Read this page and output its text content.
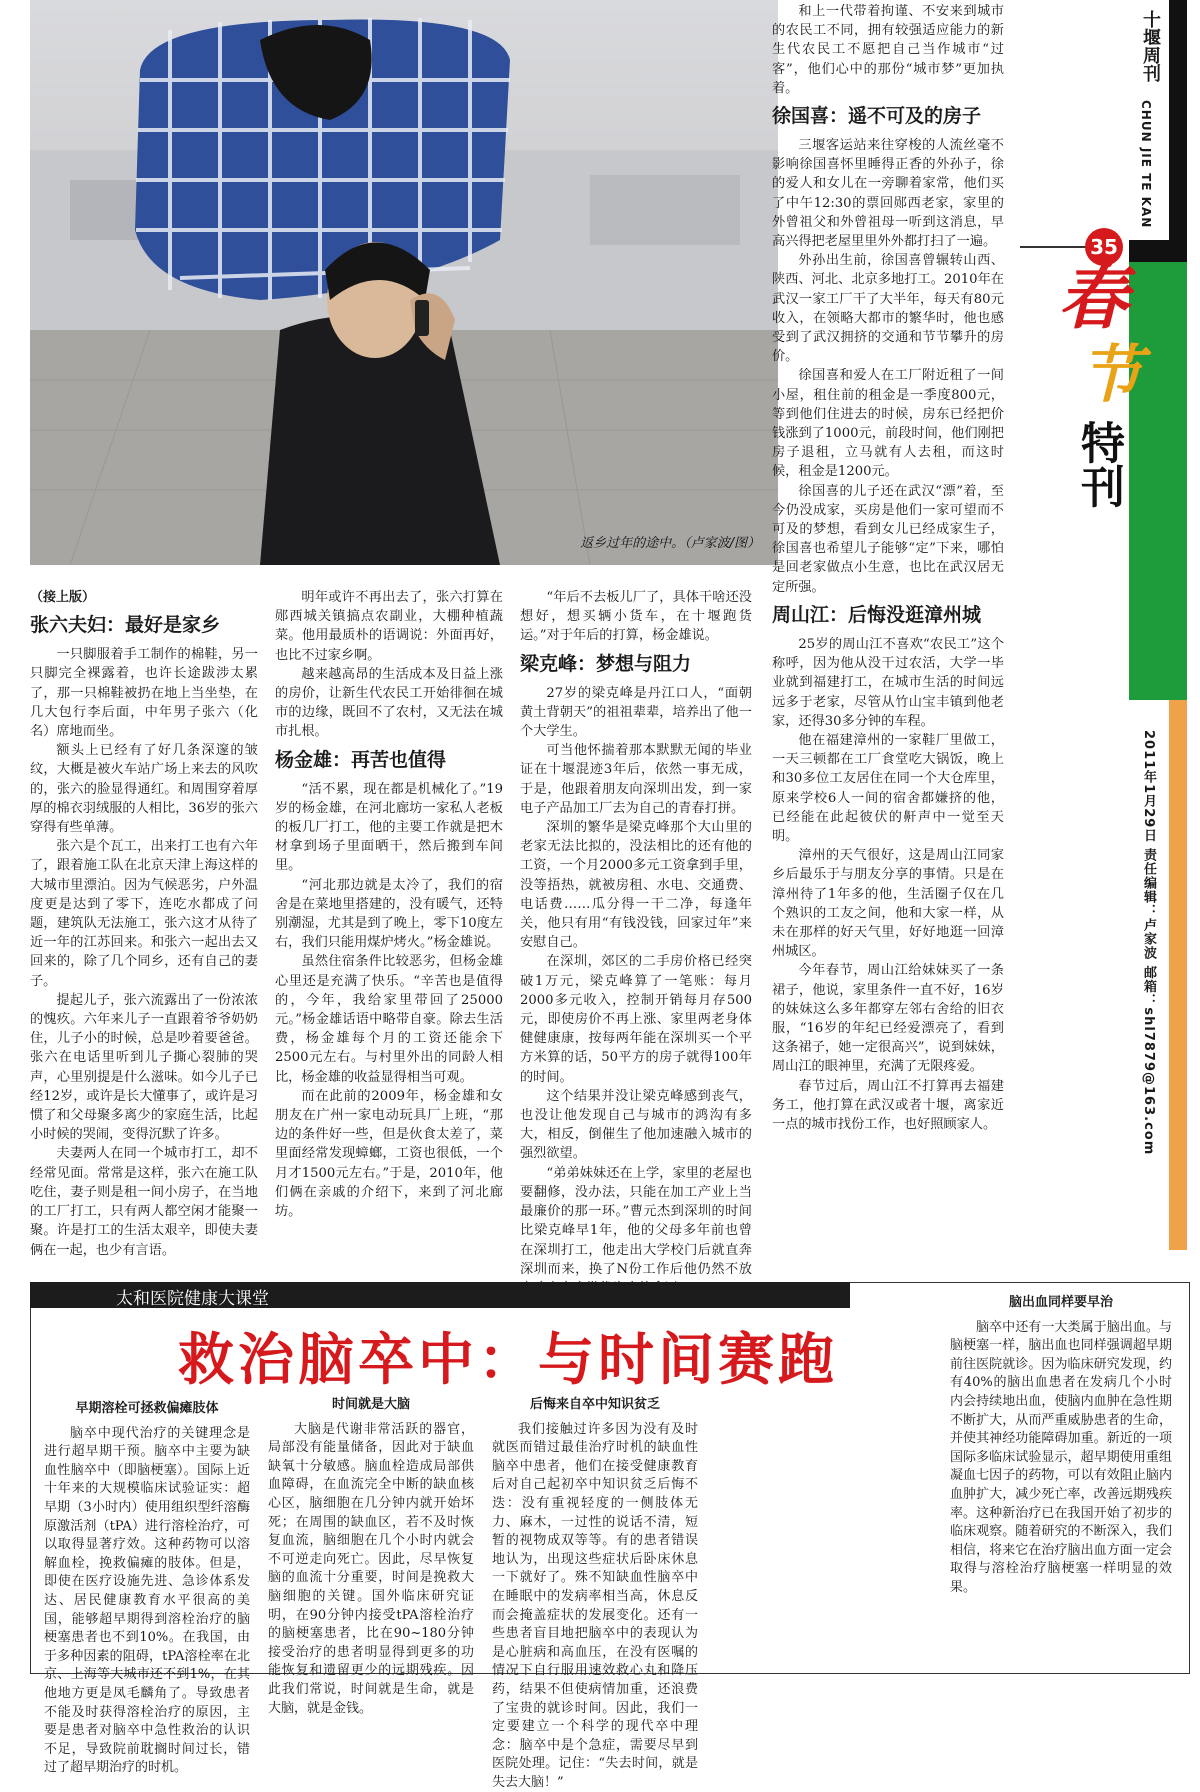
返乡过年的途中。（卢家波/图）
十堰周刊
CHUN JIE TE KAN
2011年1月29日 责任编辑：卢家波 邮箱：shl7879@163.com
35
春
节
特刊
（接上版）
张六夫妇：最好是家乡

一只脚服着手工制作的棉鞋，另一只脚完全裸露着，也许长途跋涉太累了，那一只棉鞋被扔在地上当坐垫，在几大包行李后面，中年男子张六（化名）席地而坐。

额头上已经有了好几条深邃的皱纹，大概是被火车站广场上来去的风吹的，张六的脸显得通红。和周围穿着厚厚的棉衣羽绒服的人相比，36岁的张六穿得有些单薄。

张六是个瓦工，出来打工也有六年了，跟着施工队在北京天津上海这样的大城市里漂泊。因为气候恶劣，户外温度更是达到了零下，连吃水都成了问题，建筑队无法施工，张六这才从待了近一年的江苏回来。和张六一起出去又回来的，除了几个同乡，还有自己的妻子。

提起儿子，张六流露出了一份浓浓的愧疚。六年来儿子一直跟着爷爷奶奶住，儿子小的时候，总是吵着要爸爸。张六在电话里听到儿子撕心裂肺的哭声，心里别提是什么滋味。如今儿子已经12岁，或许是长大懂事了，或许是习惯了和父母聚多离少的家庭生活，比起小时候的哭闹，变得沉默了许多。

夫妻两人在同一个城市打工，却不经常见面。常常是这样，张六在施工队吃住，妻子则是租一间小房子，在当地的工厂打工，只有两人都空闲才能聚一聚。许是打工的生活太艰辛，即使夫妻俩在一起，也少有言语。

明年或许不再出去了，张六打算在郧西城关镇搞点农副业，大棚种植蔬菜。他用最质朴的语调说：外面再好，也比不过家乡啊。

越来越高昂的生活成本及日益上涨的房价，让新生代农民工开始徘徊在城市的边缘，既回不了农村，又无法在城市扎根。

杨金雄：再苦也值得

“活不累，现在都是机械化了。”19岁的杨金雄，在河北廊坊一家私人老板的板几厂打工，他的主要工作就是把木材拿到场子里面晒干，然后搬到车间里。

“河北那边就是太冷了，我们的宿舍是在菜地里搭建的，没有暖气，还特别潮湿，尤其是到了晚上，零下10度左右，我们只能用煤炉烤火。”杨金雄说。

虽然住宿条件比较恶劣，但杨金雄心里还是充满了快乐。“辛苦也是值得的，今年，我给家里带回了25000元。”杨金雄话语中略带自豪。除去生活费，杨金雄每个月的工资还能余下2500元左右。与村里外出的同龄人相比，杨金雄的收益显得相当可观。

而在此前的2009年，杨金雄和女朋友在广州一家电动玩具厂上班，“那边的条件好一些，但是伙食太差了，菜里面经常发现蟑螂，工资也很低，一个月才1500元左右。”于是，2010年，他们俩在亲戚的介绍下，来到了河北廊坊。

“年后不去板儿厂了，具体干啥还没想好，想买辆小货车，在十堰跑货运。”对于年后的打算，杨金雄说。

梁克峰：梦想与阻力

27岁的梁克峰是丹江口人，“面朝黄土背朝天”的祖祖辈辈，培养出了他一个大学生。

可当他怀揣着那本默默无闻的毕业证在十堰混迹3年后，依然一事无成，于是，他跟着朋友向深圳出发，到一家电子产品加工厂去为自己的青春打拼。

深圳的繁华是梁克峰那个大山里的老家无法比拟的，没法相比的还有他的工资，一个月2000多元工资拿到手里，没等捂热，就被房租、水电、交通费、电话费……瓜分得一干二净，每逢年关，他只有用“有钱没钱，回家过年”来安慰自己。

在深圳，郊区的二手房价格已经突破1万元，梁克峰算了一笔账：每月2000多元收入，控制开销每月存500元，即使房价不再上涨、家里两老身体健健康康，按每两年能在深圳买一个平方米算的话，50平方的房子就得100年的时间。

这个结果并没让梁克峰感到丧气，也没让他发现自己与城市的鸿沟有多大，相反，倒催生了他加速融入城市的强烈欲望。

“弟弟妹妹还在上学，家里的老屋也要翻修，没办法，只能在加工产业上当最廉价的那一环。”曹元杰到深圳的时间比梁克峰早1年，他的父母多年前也曾在深圳打工，他走出大学校门后就直奔深圳而来，换了N份工作后他仍然不放

和上一代带着拘谨、不安来到城市的农民工不同，拥有较强适应能力的新生代农民工不愿把自己当作城市“过客”，他们心中的那份“城市梦”更加执着。

徐国喜：遥不可及的房子

三堰客运站来往穿梭的人流丝毫不影响徐国喜怀里睡得正香的外孙子，徐的爱人和女儿在一旁聊着家常，他们买了中午12:30的票回郧西老家，家里的外曾祖父和外曾祖母一听到这消息，早高兴得把老屋里里外外都打扫了一遍。

外孙出生前，徐国喜曾辗转山西、陕西、河北、北京多地打工。2010年在武汉一家工厂干了大半年，每天有80元收入，在领略大都市的繁华时，他也感受到了武汉拥挤的交通和节节攀升的房价。

徐国喜和爱人在工厂附近租了一间小屋，租住前的租金是一季度800元，等到他们住进去的时候，房东已经把价钱涨到了1000元，前段时间，他们刚把房子退租，立马就有人去租，而这时候，租金是1200元。

徐国喜的儿子还在武汉“漂”着，至今仍没成家，买房是他们一家可望而不可及的梦想，看到女儿已经成家生子，徐国喜也希望儿子能够“定”下来，哪怕是回老家做点小生意，也比在武汉居无定所强。

周山江：后悔没逛漳州城

25岁的周山江不喜欢“农民工”这个称呼，因为他从没干过农活，大学一毕业就到福建打工，在城市生活的时间远远多于老家，尽管从竹山宝丰镇到他老家，还得30多分钟的车程。

他在福建漳州的一家鞋厂里做工，一天三顿都在工厂食堂吃大锅饭，晚上和30多位工友居住在同一个大仓库里，原来学校6人一间的宿舍都嫌挤的他，已经能在此起彼伏的鼾声中一觉至天明。

漳州的天气很好，这是周山江同家乡后最乐于与朋友分享的事情。只是在漳州待了1年多的他，生活圈子仅在几个熟识的工友之间，他和大家一样，从未在那样的好天气里，好好地逛一回漳州城区。

今年春节，周山江给妹妹买了一条裙子，他说，家里条件一直不好，16岁的妹妹这么多年都穿左邻右舍给的旧衣服，“16岁的年纪已经爱漂亮了，看到这条裙子，她一定很高兴”，说到妹妹，周山江的眼神里，充满了无限疼爱。

春节过后，周山江不打算再去福建务工，他打算在武汉或者十堰，离家近一点的城市找份工作，也好照顾家人。

太和医院健康大课堂
救治脑卒中：与时间赛跑
早期溶栓可拯救偏瘫肢体

脑卒中现代治疗的关键理念是进行超早期干预。脑卒中主要为缺血性脑卒中（即脑梗塞）。国际上近十年来的大规模临床试验证实：超早期（3小时内）使用组织型纤溶酶原激活剂（tPA）进行溶栓治疗，可以取得显著疗效。这种药物可以溶解血栓，挽救偏瘫的肢体。但是，即使在医疗设施先进、急诊体系发达、居民健康教育水平很高的美国，能够超早期得到溶栓治疗的脑梗塞患者也不到10%。在我国，由于多种因素的阻碍，tPA溶栓率在北京、上海等大城市还不到1%，在其他地方更是凤毛麟角了。导致患者不能及时获得溶栓治疗的原因，主要是患者对脑卒中急性救治的认识不足，导致院前耽搁时间过长，错过了超早期治疗的时机。

时间就是大脑

大脑是代谢非常活跃的器官，局部没有能量储备，因此对于缺血缺氧十分敏感。脑血栓造成局部供血障碍，在血流完全中断的缺血核心区，脑细胞在几分钟内就开始坏死；在周围的缺血区，若不及时恢复血流，脑细胞在几个小时内就会不可逆走向死亡。因此，尽早恢复脑的血流十分重要，时间是挽救大脑细胞的关键。国外临床研究证明，在90分钟内接受tPA溶栓治疗的脑梗塞患者，比在90~180分钟接受治疗的患者明显得到更多的功能恢复和遗留更少的远期残疾。因此我们常说，时间就是生命，就是大脑，就是金钱。

后悔来自卒中知识贫乏

我们接触过许多因为没有及时就医而错过最佳治疗时机的缺血性脑卒中患者，他们在接受健康教育后对自己起初卒中知识贫乏后悔不迭：没有重视轻度的一侧肢体无力、麻木，一过性的说话不清，短暂的视物成双等等。有的患者错误地认为，出现这些症状后卧床休息一下就好了。殊不知缺血性脑卒中在睡眠中的发病率相当高，休息反而会掩盖症状的发展变化。还有一些患者盲目地把脑卒中的表现认为是心脏病和高血压，在没有医嘱的情况下自行服用速效救心丸和降压药，结果不但使病情加重，还浪费了宝贵的就诊时间。因此，我们一定要建立一个科学的现代卒中理念：脑卒中是个急症，需要尽早到医院处理。记住：“失去时间，就是失去大脑！”

脑出血同样要早治

脑卒中还有一大类属于脑出血。与脑梗塞一样，脑出血也同样强调超早期前往医院就诊。因为临床研究发现，约有40%的脑出血患者在发病几个小时内会持续地出血，使脑内血肿在急性期不断扩大，从而严重威胁患者的生命，并使其神经功能障碍加重。新近的一项国际多临床试验显示，超早期使用重组凝血七因子的药物，可以有效阻止脑内血肿扩大，减少死亡率，改善远期残疾率。这种新治疗已在我国开始了初步的临床观察。随着研究的不断深入，我们相信，将来它在治疗脑出血方面一定会取得与溶栓治疗脑梗塞一样明显的效果。
